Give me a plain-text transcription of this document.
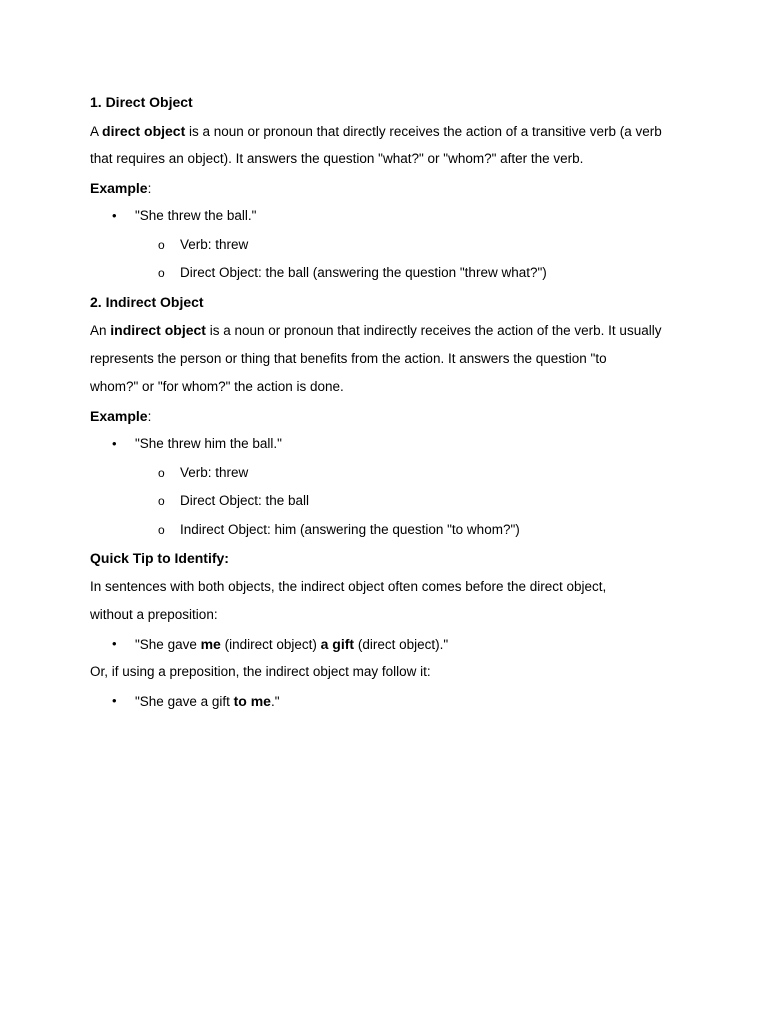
1. Direct Object
A direct object is a noun or pronoun that directly receives the action of a transitive verb (a verb
that requires an object). It answers the question "what?" or "whom?" after the verb.
Example:
• "She threw the ball."
o Verb: threw
o Direct Object: the ball (answering the question "threw what?")
2. Indirect Object
An indirect object is a noun or pronoun that indirectly receives the action of the verb. It usually
represents the person or thing that benefits from the action. It answers the question "to
whom?" or "for whom?" the action is done.
Example:
• "She threw him the ball."
o Verb: threw
o Direct Object: the ball
o Indirect Object: him (answering the question "to whom?")
Quick Tip to Identify:
In sentences with both objects, the indirect object often comes before the direct object,
without a preposition:
• "She gave me (indirect object) a gift (direct object)."
Or, if using a preposition, the indirect object may follow it:
• "She gave a gift to me."
